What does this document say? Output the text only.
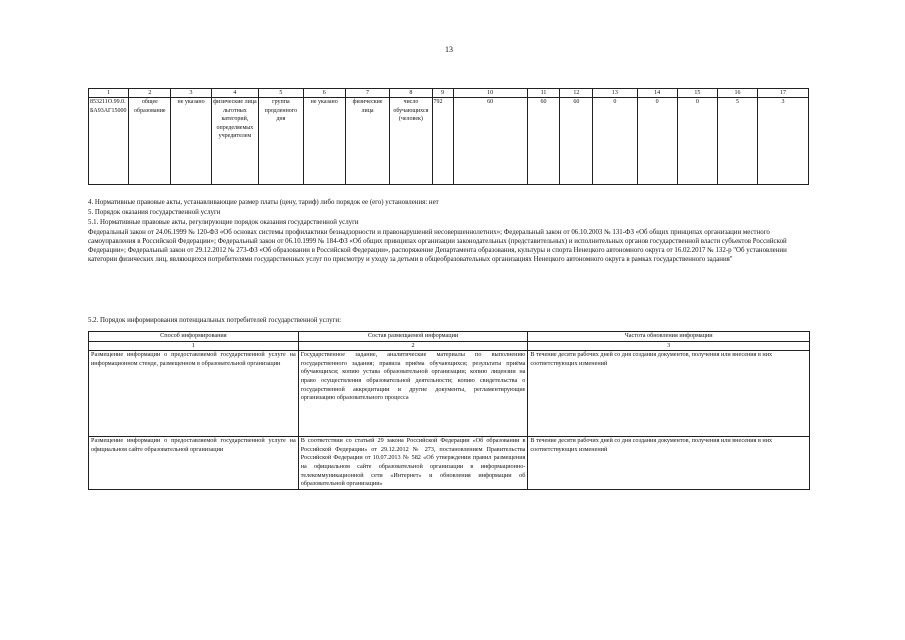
13
1	2	3	4	5	6	7	8	9	10	11	12	13	14	15	16	17
853211О.99.0.БА93АГ15000	общее образование	не указано	физические лица льготных категорий, определяемых учредителем	группа продленного дня	не указано	физические лица	число обучающихся (человек)	792	60	60	60	0	0	0	5	3
4. Нормативные правовые акты, устанавливающие размер платы (цену, тариф) либо порядок ее (его) установления: нет
5. Порядок оказания государственной услуги
5.1. Нормативные правовые акты, регулирующие порядок оказания государственной услуги
Федеральный закон от 24.06.1999 № 120-ФЗ «Об основах системы профилактики безнадзорности и правонарушений несовершеннолетних»; Федеральный закон от 06.10.2003 № 131-ФЗ «Об общих принципах организации местного самоуправления в Российской Федерации»; Федеральный закон от 06.10.1999 № 184-ФЗ «Об общих принципах организации законодательных (представительных) и исполнительных органов государственной власти субъектов Российской Федерации»; Федеральный закон от 29.12.2012 № 273-ФЗ «Об образовании в Российской Федерации», распоряжение Департамента образования, культуры и спорта Ненецкого автономного округа от 16.02.2017 № 132-р "Об установлении категории физических лиц, являющихся потребителями государственных услуг по присмотру и уходу за детьми в общеобразовательных организациях Ненецкого автономного округа в рамках государственного задания"
5.2. Порядок информирования потенциальных потребителей государственной услуги:
Способ информирования	Состав размещаемой информации	Частота обновления информации
1	2	3
Размещение информации о предоставляемой государственной услуге на информационном стенде, размещенном в образовательной организации	Государственное задание, аналитические материалы по выполнению государственного задания; правила приёма обучающихся; результаты приёма обучающихся; копию устава образовательной организации; копию лицензии на право осуществления образовательной деятельности; копию свидетельства о государственной аккредитации и другие документы, регламентирующие организацию образовательного процесса	В течение десяти рабочих дней со дня создания документов, получения или внесения в них соответствующих изменений
Размещение информации о предоставляемой государственной услуге на официальном сайте образовательной организации	В соответствии со статьей 29 закона Российской Федерации «Об образовании в Российской Федерации» от 29.12.2012 № 273, постановлением Правительства Российской Федерации от 10.07.2013 № 582 «Об утверждении правил размещения на официальном сайте образовательной организации в информационно-телекоммуникационной сети «Интернет» и обновления информации об образовательной организации»	В течение десяти рабочих дней со дня создания документов, получения или внесения в них соответствующих изменений
